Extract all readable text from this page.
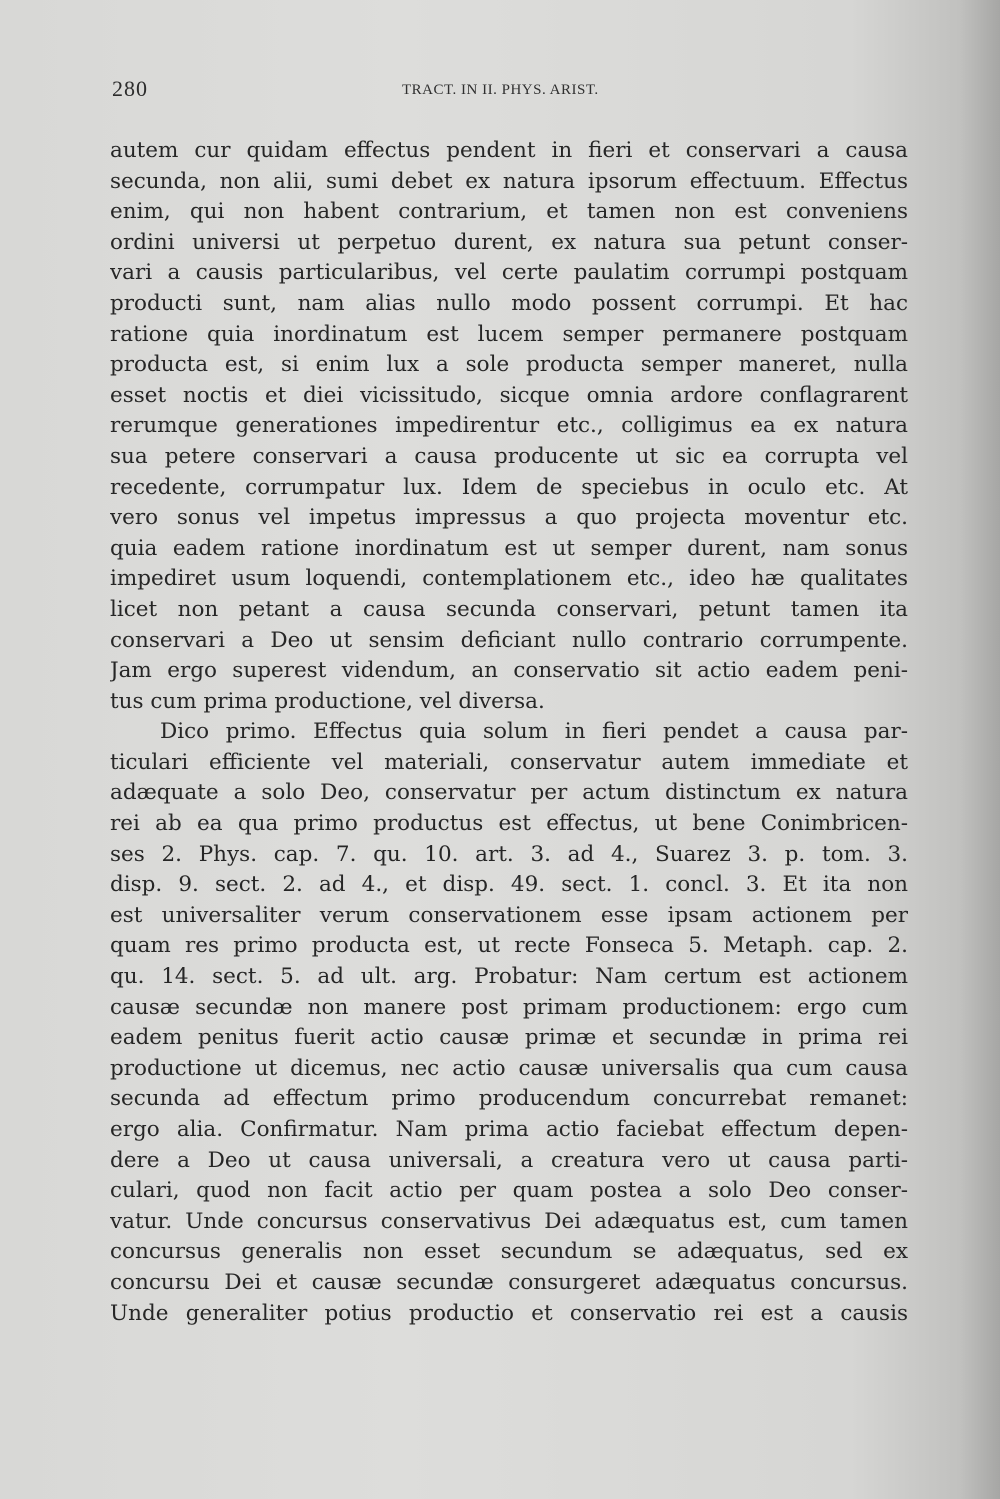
280	TRACT. IN II. PHYS. ARIST.
autem cur quidam effectus pendent in fieri et conservari a causa
secunda, non alii, sumi debet ex natura ipsorum effectuum. Effectus
enim, qui non habent contrarium, et tamen non est conveniens
ordini universi ut perpetuo durent, ex natura sua petunt conser-
vari a causis particularibus, vel certe paulatim corrumpi postquam
producti sunt, nam alias nullo modo possent corrumpi. Et hac
ratione quia inordinatum est lucem semper permanere postquam
producta est, si enim lux a sole producta semper maneret, nulla
esset noctis et diei vicissitudo, sicque omnia ardore conflagrarent
rerumque generationes impedirentur etc., colligimus ea ex natura
sua petere conservari a causa producente ut sic ea corrupta vel
recedente, corrumpatur lux. Idem de speciebus in oculo etc. At
vero sonus vel impetus impressus a quo projecta moventur etc.
quia eadem ratione inordinatum est ut semper durent, nam sonus
impediret usum loquendi, contemplationem etc., ideo hæ qualitates
licet non petant a causa secunda conservari, petunt tamen ita
conservari a Deo ut sensim deficiant nullo contrario corrumpente.
Jam ergo superest videndum, an conservatio sit actio eadem peni-
tus cum prima productione, vel diversa.
Dico primo. Effectus quia solum in fieri pendet a causa par-
ticulari efficiente vel materiali, conservatur autem immediate et
adæquate a solo Deo, conservatur per actum distinctum ex natura
rei ab ea qua primo productus est effectus, ut bene Conimbricen-
ses 2. Phys. cap. 7. qu. 10. art. 3. ad 4., Suarez 3. p. tom. 3.
disp. 9. sect. 2. ad 4., et disp. 49. sect. 1. concl. 3. Et ita non
est universaliter verum conservationem esse ipsam actionem per
quam res primo producta est, ut recte Fonseca 5. Metaph. cap. 2.
qu. 14. sect. 5. ad ult. arg. Probatur: Nam certum est actionem
causæ secundæ non manere post primam productionem: ergo cum
eadem penitus fuerit actio causæ primæ et secundæ in prima rei
productione ut dicemus, nec actio causæ universalis qua cum causa
secunda ad effectum primo producendum concurrebat remanet:
ergo alia. Confirmatur. Nam prima actio faciebat effectum depen-
dere a Deo ut causa universali, a creatura vero ut causa parti-
culari, quod non facit actio per quam postea a solo Deo conser-
vatur. Unde concursus conservativus Dei adæquatus est, cum tamen
concursus generalis non esset secundum se adæquatus, sed ex
concursu Dei et causæ secundæ consurgeret adæquatus concursus.
Unde generaliter potius productio et conservatio rei est a causis
